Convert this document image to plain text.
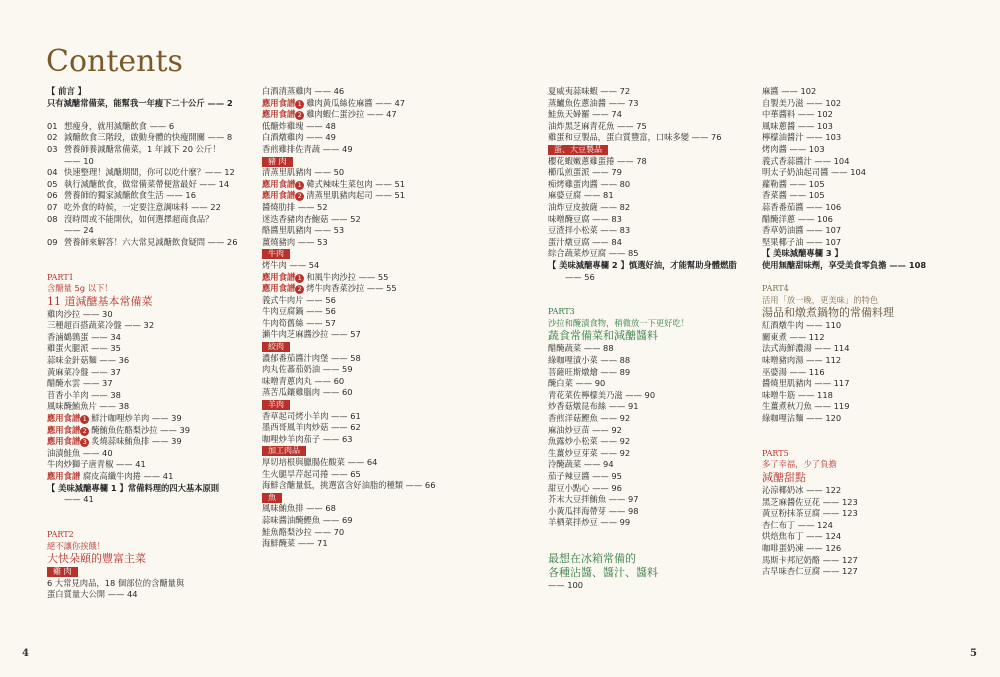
Contents
【 前言 】
只有減醣常備菜，能幫我一年瘦下二十公斤 —— 2
01 想瘦身，就用減醣飲食 —— 6
02 減醣飲食三階段，啟動身體的快瘦開關 —— 8
03 營養師養減醣常備菜，1 年減下 20 公斤！
—— 10
04 快速整理！減醣期間，你可以吃什麼？—— 12
05 執行減醣飲食，做常備菜帶便當最好 —— 14
06 營養師的獨家減醣飲食生活 —— 16
07 吃外食的時候，一定要注意調味料 —— 22
08 沒時間或不能開伙，如何選擇超商食品？
—— 24
09 營養師來解答！六大常見減醣飲食疑問 —— 26
PART1
含醣量 5g 以下！
11 道減醣基本常備菜
雞肉沙拉 —— 30
三種超百搭蔬菜冷盤 —— 32
香滷鶴鶉蛋 —— 34
雞蛋火腿派 —— 35
蒜味金針菇麵 —— 36
黃麻菜冷盤 —— 37
醋醃水雲 —— 37
苜香小羊肉 —— 38
風味醃鮪魚片 —— 38
應用食譜 1 鮮汁咖哩炒羊肉 —— 39
應用食譜 2 醃鮪魚佐酪梨沙拉 —— 39
應用食譜 3 炙燒蒜味鮪魚排 —— 39
油漬鮭魚 —— 40
牛肉炒獅子唐青椒 —— 41
應用食譜 腐皮高纖牛肉捲 —— 41
【 美味減醣專欄 1 】常備料理的四大基本原則
—— 41
PART2
絕不讓你挨餓！
大快朵頤的豐富主菜
雞 肉
6 大常見肉品，18 個部位的含醣量與
蛋白質量大公開 —— 44
白酒清蒸雞肉 —— 46
應用食譜 1 雞肉黃瓜絲佐麻醬 —— 47
應用食譜 2 雞肉蝦仁蛋沙拉 —— 47
低醣炸雞塊 —— 48
白酒燉雞肉 —— 49
香煎雞排佐青蔬 —— 49
豬 肉
清蒸里肌豬肉 —— 50
應用食譜 1 韓式辣味生菜包肉 —— 51
應用食譜 2 清蒸里肌豬肉起司 —— 51
醬燒肋排 —— 52
迷迭香豬肉杏鮑菇 —— 52
酪醬里肌豬肉 —— 53
薑燒豬肉 —— 53
牛肉
烤牛肉 —— 54
應用食譜 1 和風牛肉沙拉 —— 55
應用食譜 2 烤牛肉香菜沙拉 —— 55
義式牛肉片 —— 56
牛肉豆腐鍋 —— 56
牛肉筍舊絲 —— 57
瀨牛肉芝麻醬沙拉 —— 57
絞肉
濃郁番茄醬汁肉堡 —— 58
肉丸佐蕃茄奶油 —— 59
味噌青蔥肉丸 —— 60
蒸苦瓜鑲雞腦肉 —— 60
羊肉
香草起司烤小羊肉 —— 61
墨西哥風羊肉炒菇 —— 62
咖哩炒羊肉茄子 —— 63
加工肉品
厚切培根與臘腸佐酸菜 —— 64
生火腿旱芹起司捲 —— 65
海鮮含醣量低，挑選富含好油脂的種類 —— 66
魚
風味鮪魚排 —— 68
蒜味醬油醃鰹魚 —— 69
鮭魚酪梨沙拉 —— 70
海鮮醃菜 —— 71
夏威夷蒜味蝦 —— 72
蒸鱸魚佐蔥油醬 —— 73
鮭魚天婦羅 —— 74
油炸黑芝麻青花魚 —— 75
雞蛋和豆製品，蛋白質豐富，口味多變 —— 76
蛋、大豆製品
櫻花蝦嫩蔥雞蛋捲 —— 78
櫛瓜煎蛋派 —— 79
痴烤雞蛋肉醬 —— 80
麻婆豆腐 —— 81
油炸豆皮披薩 —— 82
味噌醃豆腐 —— 83
豆渣拌小松菜 —— 83
蛋汁燉豆腐 —— 84
綜合蔬菜炒豆腐 —— 85
【 美味減醣專欄 2 】慎選好油，才能幫助身體燃脂
—— 56
PART3
沙拉和醃漬食物，稍微放一下更好吃！
蔬食常備菜和減醣醬料
醋醃蔬菜 —— 88
綠咖哩漬小菜 —— 88
菩薩旺斯燉燴 —— 89
醃白菜 —— 90
青花菜佐檸檬美乃滋 —— 90
炒香菇燉昆布絲 —— 91
香煎洋菇鰹魚 —— 92
麻油炒豆苗 —— 92
魚露炒小松菜 —— 92
生薑炒豆芽菜 —— 92
泠醃蔬菜 —— 94
茄子辣豆醬 —— 95
甜豆小點心 —— 96
芥末大豆拌鮪魚 —— 97
小黃瓜拌海帶芽 —— 98
羊栖菜拌炒豆 —— 99
最想在冰箱常備的
各種沾醬、醬汁、醬料
—— 100
麻醬 —— 102
自製美乃滋 —— 102
中華醬料 —— 102
風味蔥醬 —— 103
檸檬油醬汁 —— 103
烤肉醬 —— 103
義式香蒜醬汁 —— 104
明太子奶油起司醬 —— 104
蘿勒醬 —— 105
香菜醬 —— 105
蒜香番茄醬 —— 106
醋醃洋蔥 —— 106
香草奶油醬 —— 107
堅果椰子油 —— 107
【 美味減醣專欄 3 】
使用無醣甜味劑，享受美食零負擔 —— 108
PART4
活用「放一晚，更美味」的特色
湯品和燉煮鍋物的常備料理
紅酒燉牛肉 —— 110
關東煮 —— 112
法式海鮮濃湯 —— 114
味噌豬肉湯 —— 112
巫婆湯 —— 116
醬燒里肌豬肉 —— 117
味噌牛筋 —— 118
生薑煮秋刀魚 —— 119
綠咖哩沾麵 —— 120
PART5
多了幸福，少了負擔
減醣甜點
沁涼椰奶冰 —— 122
黑芝麻醬佐豆花 —— 123
黃豆粉抹茶豆腐 —— 123
杏仁布丁 —— 124
烘焙焦布丁 —— 124
咖啡蛋奶凍 —— 126
馬斯卡邦尼奶酪 —— 127
古早味杏仁豆腐 —— 127
4	5
